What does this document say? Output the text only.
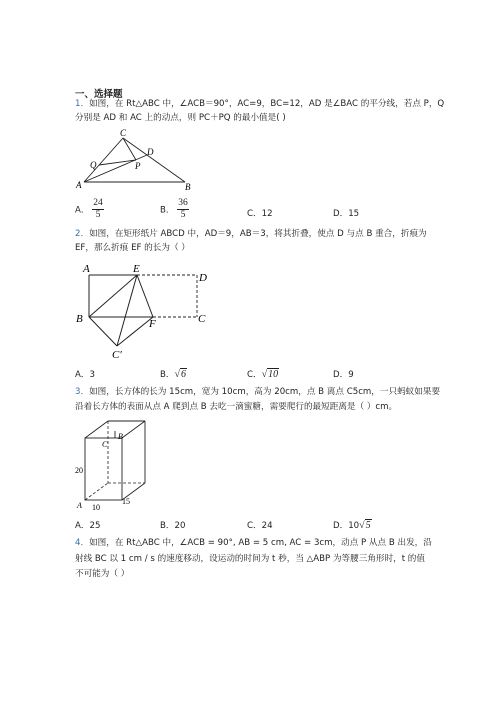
一、选择题
1．如图，在 Rt△ABC 中，∠ACB＝90°，AC=9，BC=12，AD 是∠BAC 的平分线，若点 P，Q
分别是 AD 和 AC 上的动点，则 PC＋PQ 的最小值是( )
C
Q
D
P
A	B
A． $\frac{24}{5}$	B． $\frac{36}{5}$	C．12	D．15
2．如图，在矩形纸片 ABCD 中，AD＝9，AB＝3，将其折叠，使点 D 与点 B 重合，折痕为
EF，那么折痕 EF 的长为（ ）
A	E
D
B	F	C
C′
A．3	B．√6	C．√10	D．9
3．如图，长方体的长为 15cm，宽为 10cm，高为 20cm，点 B 离点 C5cm，一只蚂蚁如果要
沿着长方体的表面从点 A 爬到点 B 去吃一滴蜜糖，需要爬行的最短距离是（ ）cm。
C
B
20
A 10
15
A．25	B．20	C．24	D．10√5
4．如图，在 Rt△ABC 中，∠ACB = 90°, AB = 5 cm, AC = 3cm，动点 P 从点 B 出发，沿
射线 BC 以 1 cm / s 的速度移动，设运动的时间为 t 秒，当 △ABP 为等腰三角形时，t 的值
不可能为（ ）
